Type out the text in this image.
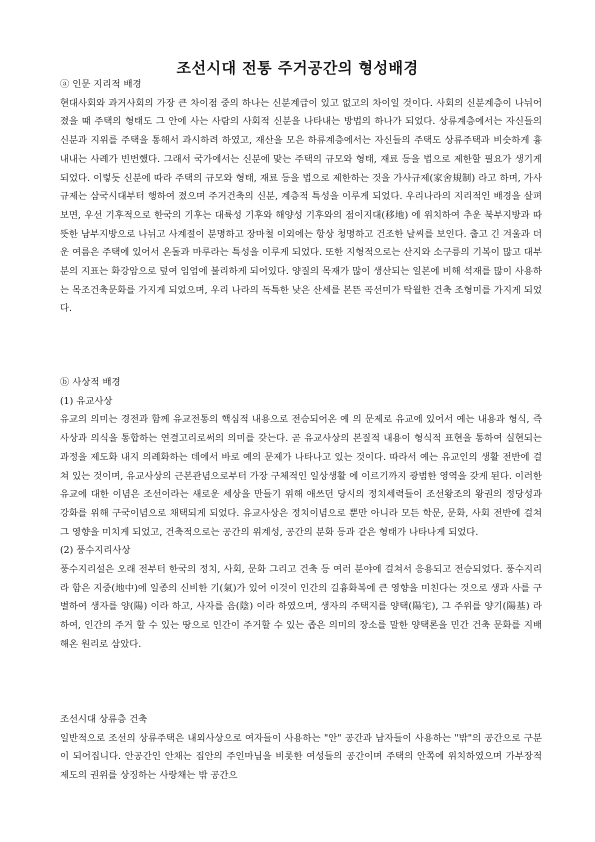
조선시대 전통 주거공간의 형성배경
ⓐ 인문 지리적 배경

현대사회와 과거사회의 가장 큰 차이점 중의 하나는 신분계급이 있고 없고의 차이일 것이다. 사회의 신분계층이 나뉘어졌을 때 주택의 형태도 그 안에 사는 사람의 사회적 신분을 나타내는 방법의 하나가 되었다. 상류계층에서는 자신들의 신분과 지위를 주택을 통해서 과시하려 하였고, 재산을 모은 하류계층에서는 자신들의 주택도 상류주택과 비슷하게 흉내내는 사례가 빈번했다. 그래서 국가에서는 신분에 맞는 주택의 규모와 형태, 재료 등을 법으로 제한할 필요가 생기게 되었다. 이렇듯 신분에 따라 주택의 규모와 형태, 재료 등을 법으로 제한하는 것을 가사규제(家舍規制) 라고 하며, 가사규제는 삼국시대부터 행하여 졌으며 주거건축의 신분, 계층적 특성을 이루게 되었다. 우리나라의 지리적인 배경을 살펴보면, 우선 기후적으로 한국의 기후는 대륙성 기후와 해양성 기후와의 점이지대(移地) 에 위치하여 추운 북부지방과 따뜻한 남부지방으로 나뉘고 사계절이 분명하고 장마철 이외에는 항상 청명하고 건조한 날씨를 보인다. 춥고 긴 겨울과 더운 여름은 주택에 있어서 온돌과 마루라는 특성을 이루게 되었다. 또한 지형적으로는 산지와 소구릉의 기복이 많고 대부분의 지표는 화강암으로 덮여 임엄에 불리하게 되어있다. 양질의 목재가 많이 생산되는 일본에 비해 석재를 많이 사용하는 목조건축문화를 가지게 되었으며, 우리 나라의 독특한 낮은 산세를 본뜬 곡선미가 탁월한 건축 조형미를 가지게 되었다.

ⓑ 사상적 배경
(1) 유교사상

유교의 의미는 경전과 함께 유교전통의 핵심적 내용으로 전승되어온 예 의 문제로 유교에 있어서 예는 내용과 형식, 즉 사상과 의식을 통합하는 연결고리로써의 의미를 갖는다. 곧 유교사상의 본질적 내용이 형식적 표현을 통하여 실현되는 과정을 제도화 내지 의례화하는 데에서 바로 예의 문제가 나타나고 있는 것이다. 따라서 예는 유교인의 생활 전반에 걸쳐 있는 것이며, 유교사상의 근본관념으로부터 가장 구체적인 일상생활 에 이르기까지 광범한 영역을 갖게 된다. 이러한 유교에 대한 이념은 조선이라는 새로운 세상을 만들기 위해 애쓰던 당시의 정치세력들이 조선왕조의 왕권의 정당성과 강화를 위해 구국이념으로 채택되게 되었다. 유교사상은 정치이념으로 뿐만 아니라 모든 학문, 문화, 사회 전반에 걸쳐 그 영향을 미치게 되었고, 건축적으로는 공간의 위계성, 공간의 분화 등과 같은 형태가 나타나게 되었다.

(2) 풍수지리사상

풍수지리설은 오래 전부터 한국의 정치, 사회, 문화 그리고 건축 등 여러 분야에 걸쳐서 응용되고 전승되었다. 풍수지리라 함은 지중(地中)에 일종의 신비한 기(氣)가 있어 이것이 인간의 길흉화복에 큰 영향을 미친다는 것으로 생과 사를 구별하여 생자를 양(陽) 이라 하고, 사자를 음(陰) 이라 하였으며, 생자의 주택지를 양택(陽宅), 그 주위를 양기(陽基) 라 하여, 인간의 주거 할 수 있는 땅으로 인간이 주거할 수 있는 좁은 의미의 장소를 말한 양택론을 민간 건축 문화를 지배해온 원리로 삼았다.

조선시대 상류층 건축

일반적으로 조선의 상류주택은 내외사상으로 여자들이 사용하는 "안" 공간과 남자들이 사용하는 "밖"의 공간으로 구분이 되어집니다. 안공간인 안채는 집안의 주인마님을 비롯한 여성들의 공간이며 주택의 안쪽에 위치하였으며 가부장적 제도의 권위를 상징하는 사랑채는 밖 공간으
